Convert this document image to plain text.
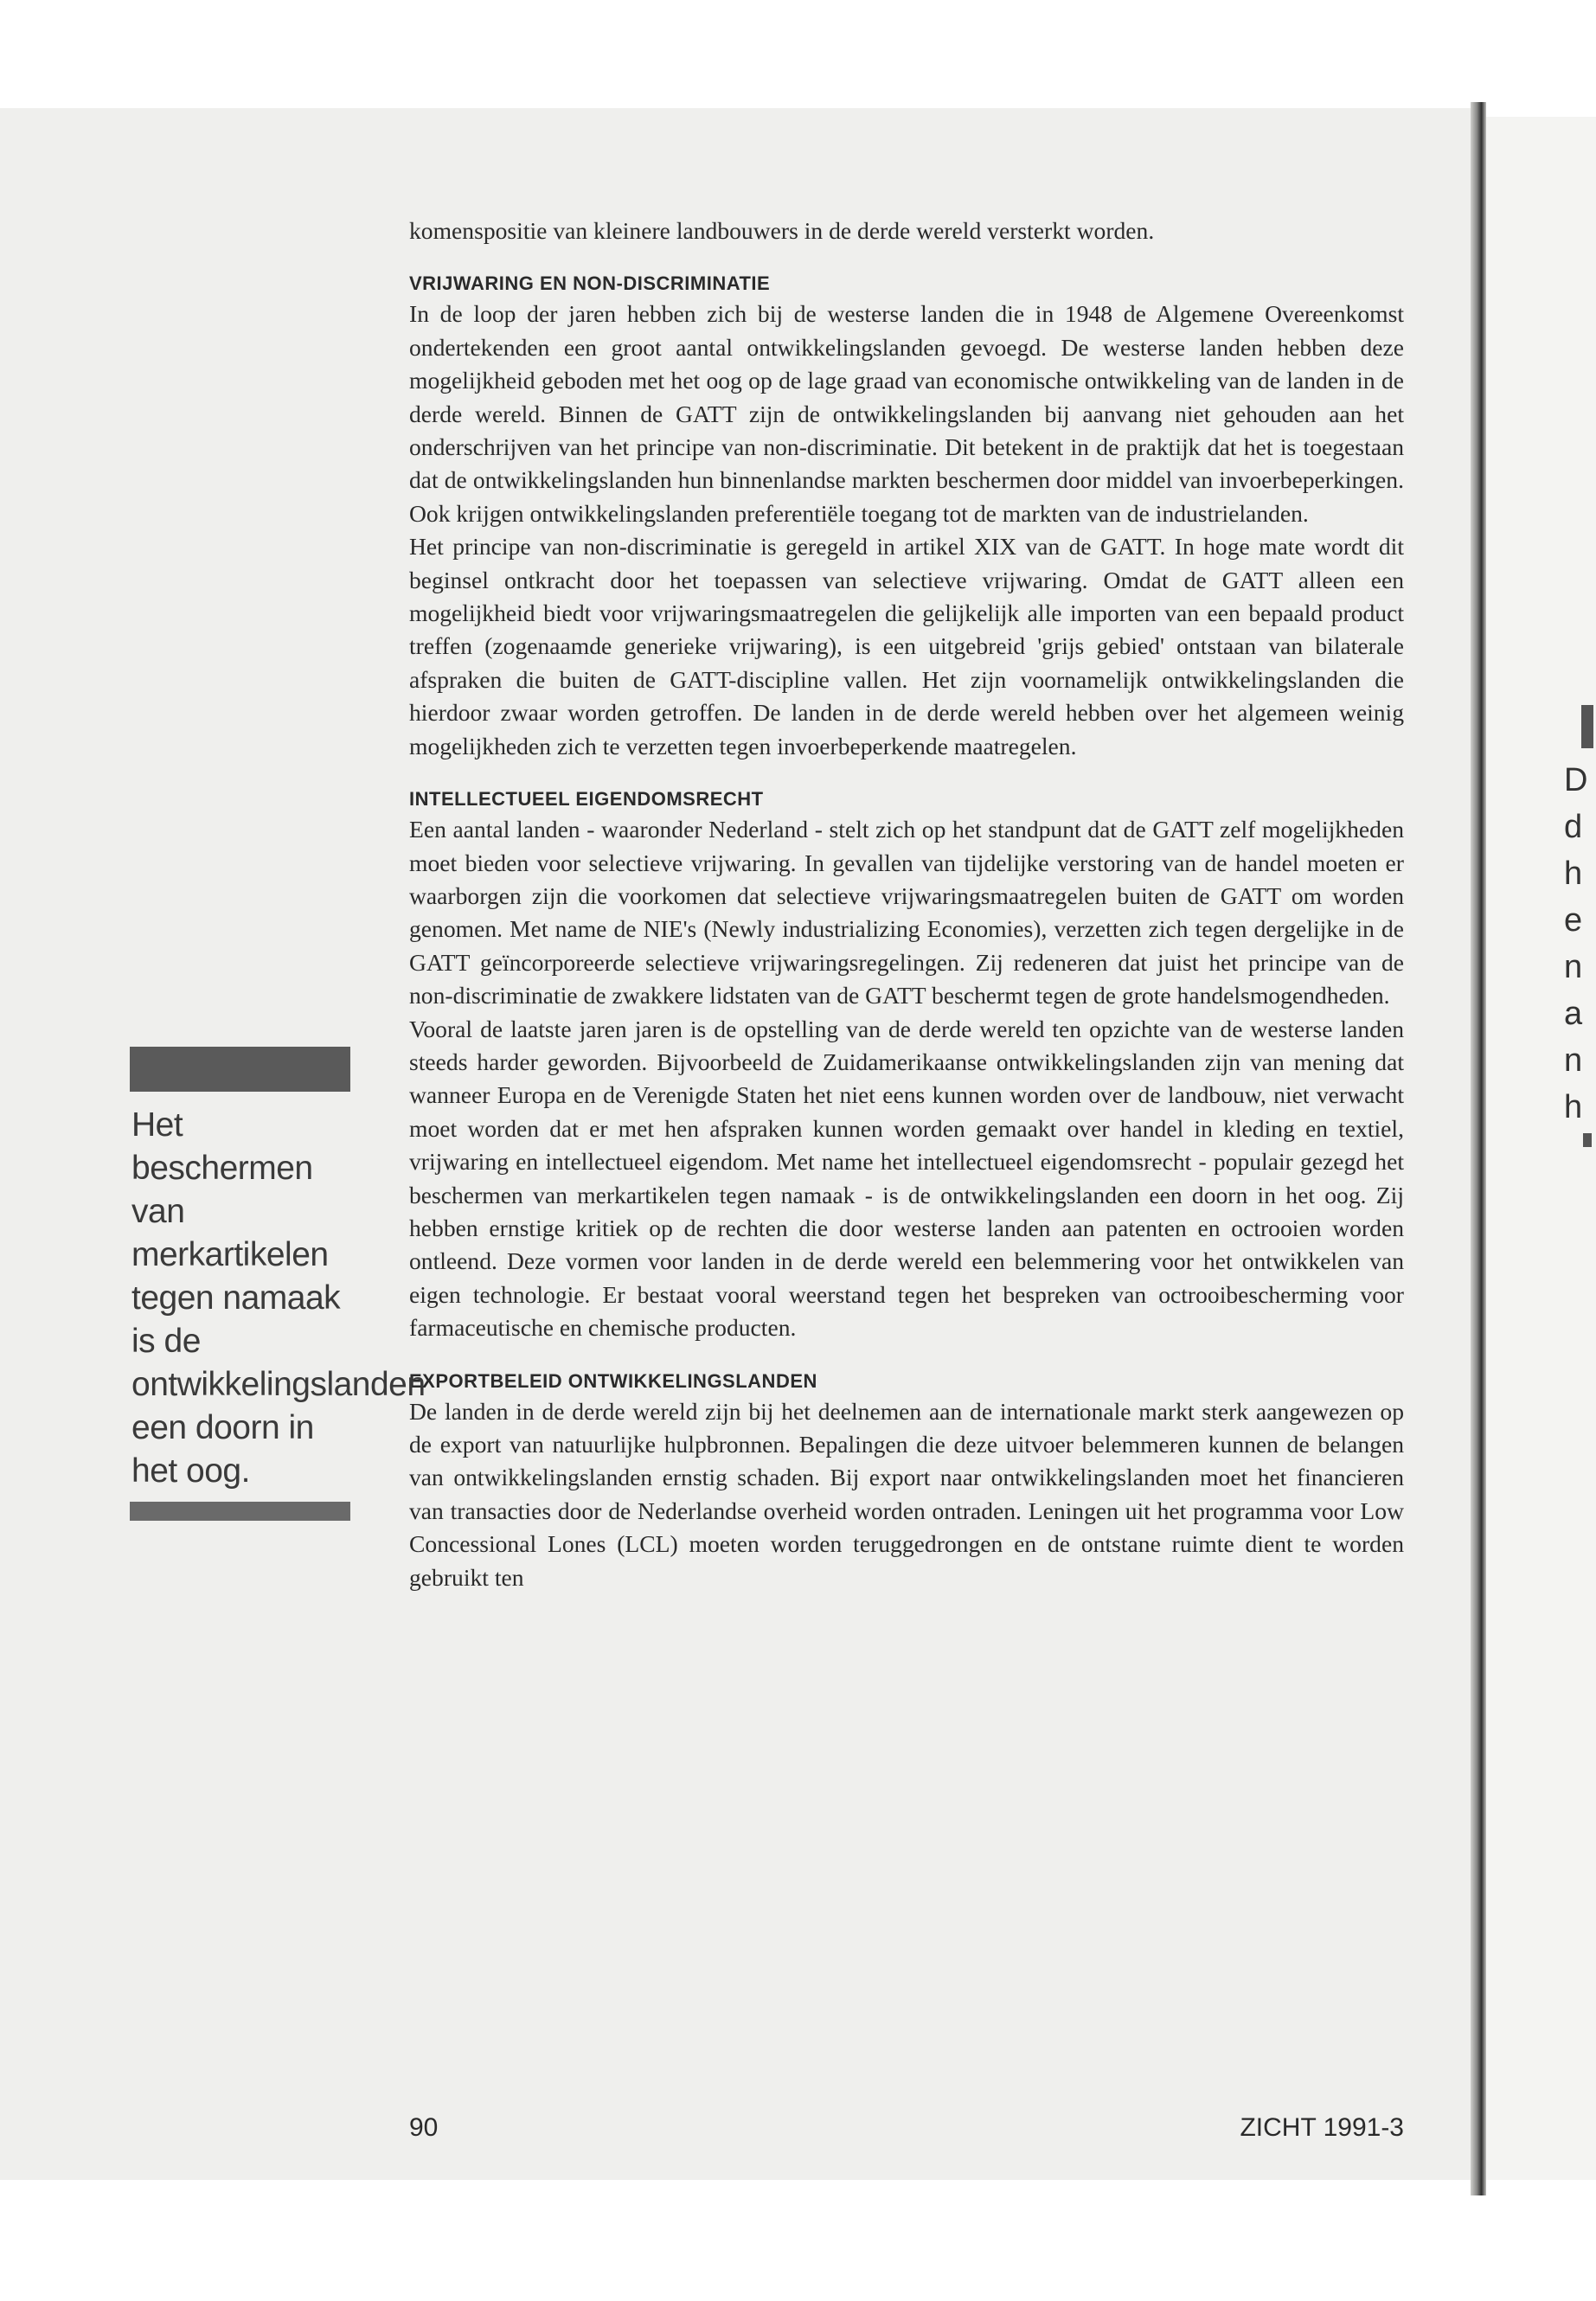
D
d
h
e
n
a
n
h

komenspositie van kleinere landbouwers in de derde wereld versterkt worden.

VRIJWARING EN NON-DISCRIMINATIE

In de loop der jaren hebben zich bij de westerse landen die in 1948 de Algemene Overeenkomst ondertekenden een groot aantal ontwikkelingslanden gevoegd. De westerse landen hebben deze mogelijkheid geboden met het oog op de lage graad van economische ontwikkeling van de landen in de derde wereld. Binnen de GATT zijn de ontwikkelingslanden bij aanvang niet gehouden aan het onderschrijven van het principe van non-discriminatie. Dit betekent in de praktijk dat het is toegestaan dat de ontwikkelingslanden hun binnenlandse markten beschermen door middel van invoerbeperkingen. Ook krijgen ontwikkelingslanden preferentiële toegang tot de markten van de industrielanden.

Het principe van non-discriminatie is geregeld in artikel XIX van de GATT. In hoge mate wordt dit beginsel ontkracht door het toepassen van selectieve vrijwaring. Omdat de GATT alleen een mogelijkheid biedt voor vrijwaringsmaatregelen die gelijkelijk alle importen van een bepaald product treffen (zogenaamde generieke vrijwaring), is een uitgebreid 'grijs gebied' ontstaan van bilaterale afspraken die buiten de GATT-discipline vallen. Het zijn voornamelijk ontwikkelingslanden die hierdoor zwaar worden getroffen. De landen in de derde wereld hebben over het algemeen weinig mogelijkheden zich te verzetten tegen invoerbeperkende maatregelen.

INTELLECTUEEL EIGENDOMSRECHT

Een aantal landen - waaronder Nederland - stelt zich op het standpunt dat de GATT zelf mogelijkheden moet bieden voor selectieve vrijwaring. In gevallen van tijdelijke verstoring van de handel moeten er waarborgen zijn die voorkomen dat selectieve vrijwaringsmaatregelen buiten de GATT om worden genomen. Met name de NIE's (Newly industrializing Economies), verzetten zich tegen dergelijke in de GATT geïncorporeerde selectieve vrijwaringsregelingen. Zij redeneren dat juist het principe van de non-discriminatie de zwakkere lidstaten van de GATT beschermt tegen de grote handelsmogendheden.

Vooral de laatste jaren jaren is de opstelling van de derde wereld ten opzichte van de westerse landen steeds harder geworden. Bijvoorbeeld de Zuidamerikaanse ontwikkelingslanden zijn van mening dat wanneer Europa en de Verenigde Staten het niet eens kunnen worden over de landbouw, niet verwacht moet worden dat er met hen afspraken kunnen worden gemaakt over handel in kleding en textiel, vrijwaring en intellectueel eigendom. Met name het intellectueel eigendomsrecht - populair gezegd het beschermen van merkartikelen tegen namaak - is de ontwikkelingslanden een doorn in het oog. Zij hebben ernstige kritiek op de rechten die door westerse landen aan patenten en octrooien worden ontleend. Deze vormen voor landen in de derde wereld een belemmering voor het ontwikkelen van eigen technologie. Er bestaat vooral weerstand tegen het bespreken van octrooibescherming voor farmaceutische en chemische producten.

EXPORTBELEID ONTWIKKELINGSLANDEN

De landen in de derde wereld zijn bij het deelnemen aan de internationale markt sterk aangewezen op de export van natuurlijke hulpbronnen. Bepalingen die deze uitvoer belemmeren kunnen de belangen van ontwikkelingslanden ernstig schaden. Bij export naar ontwikkelingslanden moet het financieren van transacties door de Nederlandse overheid worden ontraden. Leningen uit het programma voor Low Concessional Lones (LCL) moeten worden teruggedrongen en de ontstane ruimte dient te worden gebruikt ten

Het beschermen van merkartikelen tegen namaak is de ontwikkelingslanden een doorn in het oog.
90	ZICHT 1991-3
